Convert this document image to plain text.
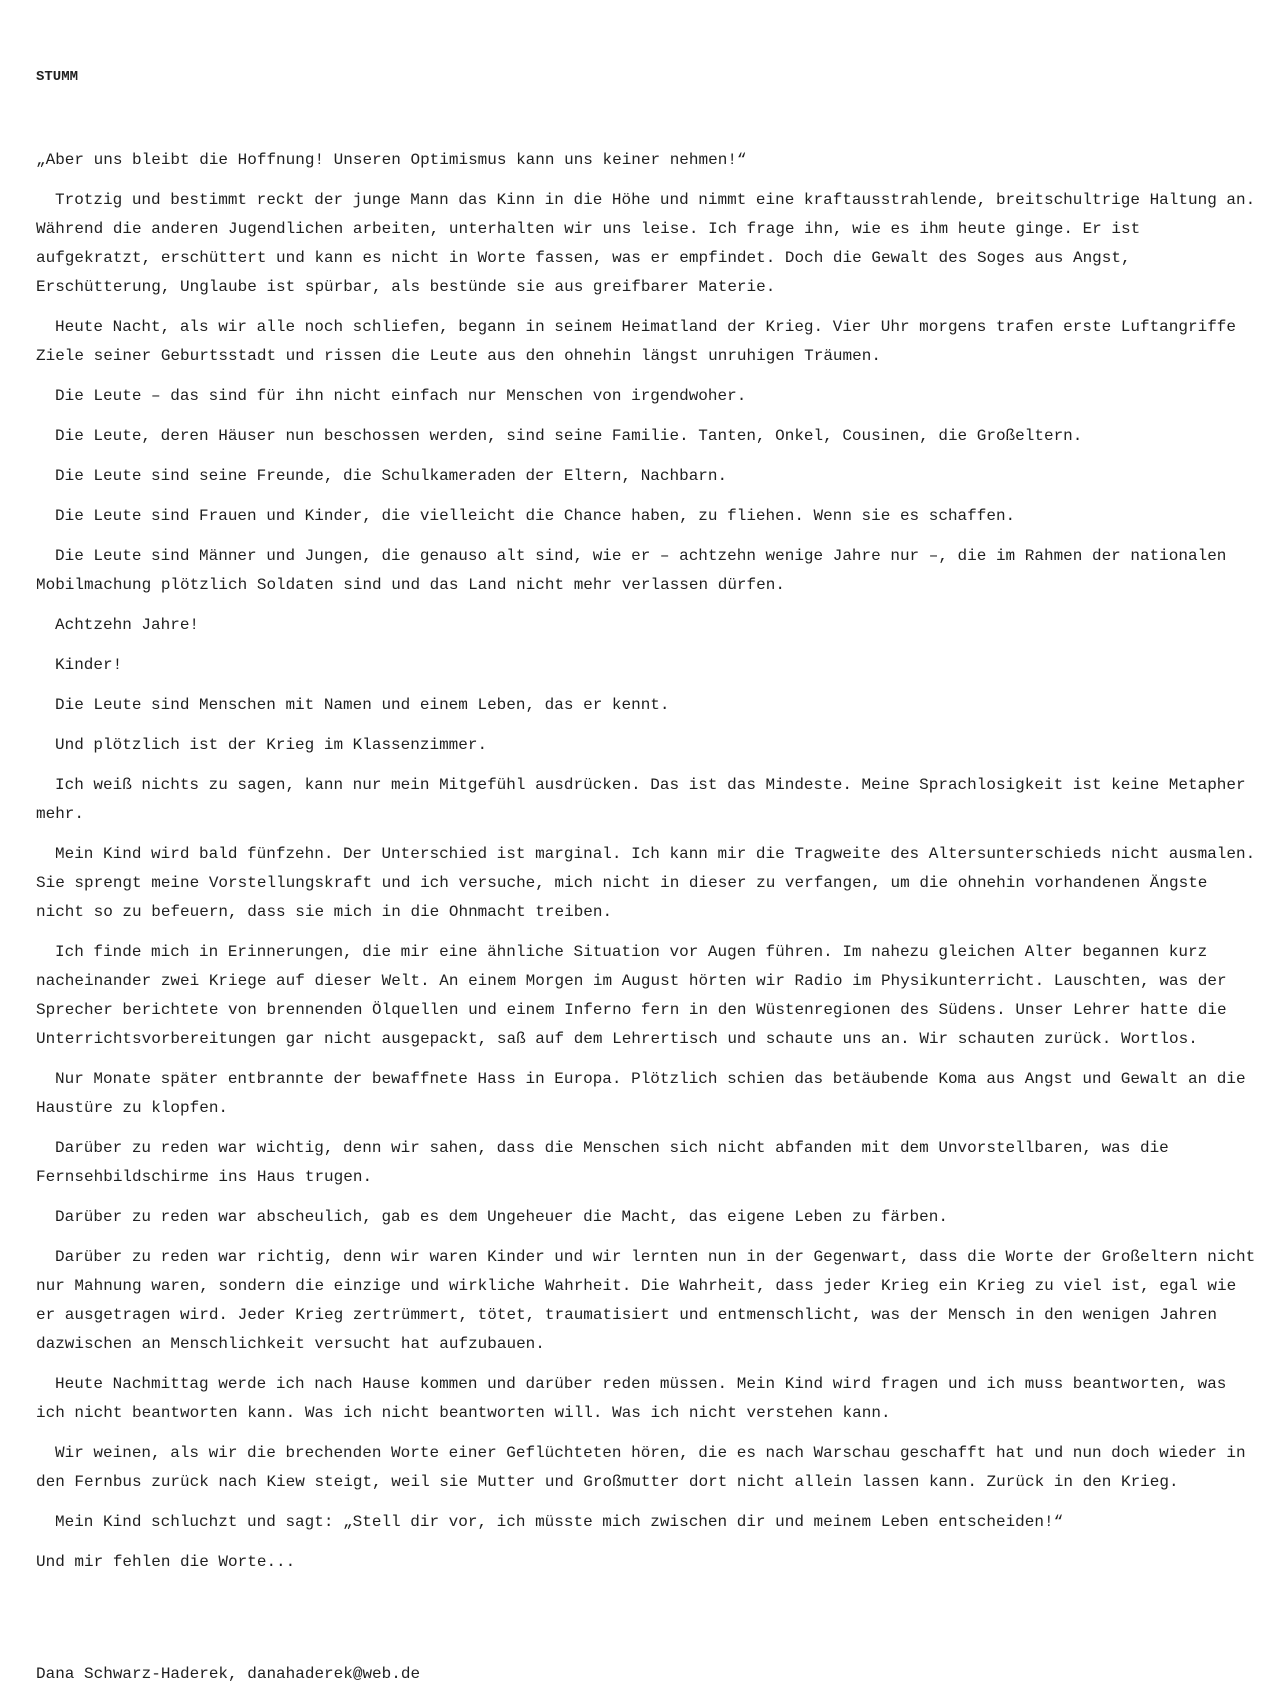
STUMM

„Aber uns bleibt die Hoffnung! Unseren Optimismus kann uns keiner nehmen!“

Trotzig und bestimmt reckt der junge Mann das Kinn in die Höhe und nimmt eine kraftausstrahlende, breitschultrige Haltung an. Während die anderen Jugendlichen arbeiten, unterhalten wir uns leise. Ich frage ihn, wie es ihm heute ginge. Er ist aufgekratzt, erschüttert und kann es nicht in Worte fassen, was er empfindet. Doch die Gewalt des Soges aus Angst, Erschütterung, Unglaube ist spürbar, als bestünde sie aus greifbarer Materie.

Heute Nacht, als wir alle noch schliefen, begann in seinem Heimatland der Krieg. Vier Uhr morgens trafen erste Luftangriffe Ziele seiner Geburtsstadt und rissen die Leute aus den ohnehin längst unruhigen Träumen.

Die Leute – das sind für ihn nicht einfach nur Menschen von irgendwoher.

Die Leute, deren Häuser nun beschossen werden, sind seine Familie. Tanten, Onkel, Cousinen, die Großeltern.

Die Leute sind seine Freunde, die Schulkameraden der Eltern, Nachbarn.

Die Leute sind Frauen und Kinder, die vielleicht die Chance haben, zu fliehen. Wenn sie es schaffen.

Die Leute sind Männer und Jungen, die genauso alt sind, wie er – achtzehn wenige Jahre nur –, die im Rahmen der nationalen Mobilmachung plötzlich Soldaten sind und das Land nicht mehr verlassen dürfen.

Achtzehn Jahre!

Kinder!

Die Leute sind Menschen mit Namen und einem Leben, das er kennt.

Und plötzlich ist der Krieg im Klassenzimmer.

Ich weiß nichts zu sagen, kann nur mein Mitgefühl ausdrücken. Das ist das Mindeste. Meine Sprachlosigkeit ist keine Metapher mehr.

Mein Kind wird bald fünfzehn. Der Unterschied ist marginal. Ich kann mir die Tragweite des Altersunterschieds nicht ausmalen. Sie sprengt meine Vorstellungskraft und ich versuche, mich nicht in dieser zu verfangen, um die ohnehin vorhandenen Ängste nicht so zu befeuern, dass sie mich in die Ohnmacht treiben.

Ich finde mich in Erinnerungen, die mir eine ähnliche Situation vor Augen führen. Im nahezu gleichen Alter begannen kurz nacheinander zwei Kriege auf dieser Welt. An einem Morgen im August hörten wir Radio im Physikunterricht. Lauschten, was der Sprecher berichtete von brennenden Ölquellen und einem Inferno fern in den Wüstenregionen des Südens. Unser Lehrer hatte die Unterrichtsvorbereitungen gar nicht ausgepackt, saß auf dem Lehrertisch und schaute uns an. Wir schauten zurück. Wortlos.

Nur Monate später entbrannte der bewaffnete Hass in Europa. Plötzlich schien das betäubende Koma aus Angst und Gewalt an die Haustüre zu klopfen.

Darüber zu reden war wichtig, denn wir sahen, dass die Menschen sich nicht abfanden mit dem Unvorstellbaren, was die Fernsehbildschirme ins Haus trugen.

Darüber zu reden war abscheulich, gab es dem Ungeheuer die Macht, das eigene Leben zu färben.

Darüber zu reden war richtig, denn wir waren Kinder und wir lernten nun in der Gegenwart, dass die Worte der Großeltern nicht nur Mahnung waren, sondern die einzige und wirkliche Wahrheit. Die Wahrheit, dass jeder Krieg ein Krieg zu viel ist, egal wie er ausgetragen wird. Jeder Krieg zertrümmert, tötet, traumatisiert und entmenschlicht, was der Mensch in den wenigen Jahren dazwischen an Menschlichkeit versucht hat aufzubauen.

Heute Nachmittag werde ich nach Hause kommen und darüber reden müssen. Mein Kind wird fragen und ich muss beantworten, was ich nicht beantworten kann. Was ich nicht beantworten will. Was ich nicht verstehen kann.

Wir weinen, als wir die brechenden Worte einer Geflüchteten hören, die es nach Warschau geschafft hat und nun doch wieder in den Fernbus zurück nach Kiew steigt, weil sie Mutter und Großmutter dort nicht allein lassen kann. Zurück in den Krieg.

Mein Kind schluchzt und sagt: „Stell dir vor, ich müsste mich zwischen dir und meinem Leben entscheiden!“

Und mir fehlen die Worte...

Dana Schwarz-Haderek, danahaderek@web.de
